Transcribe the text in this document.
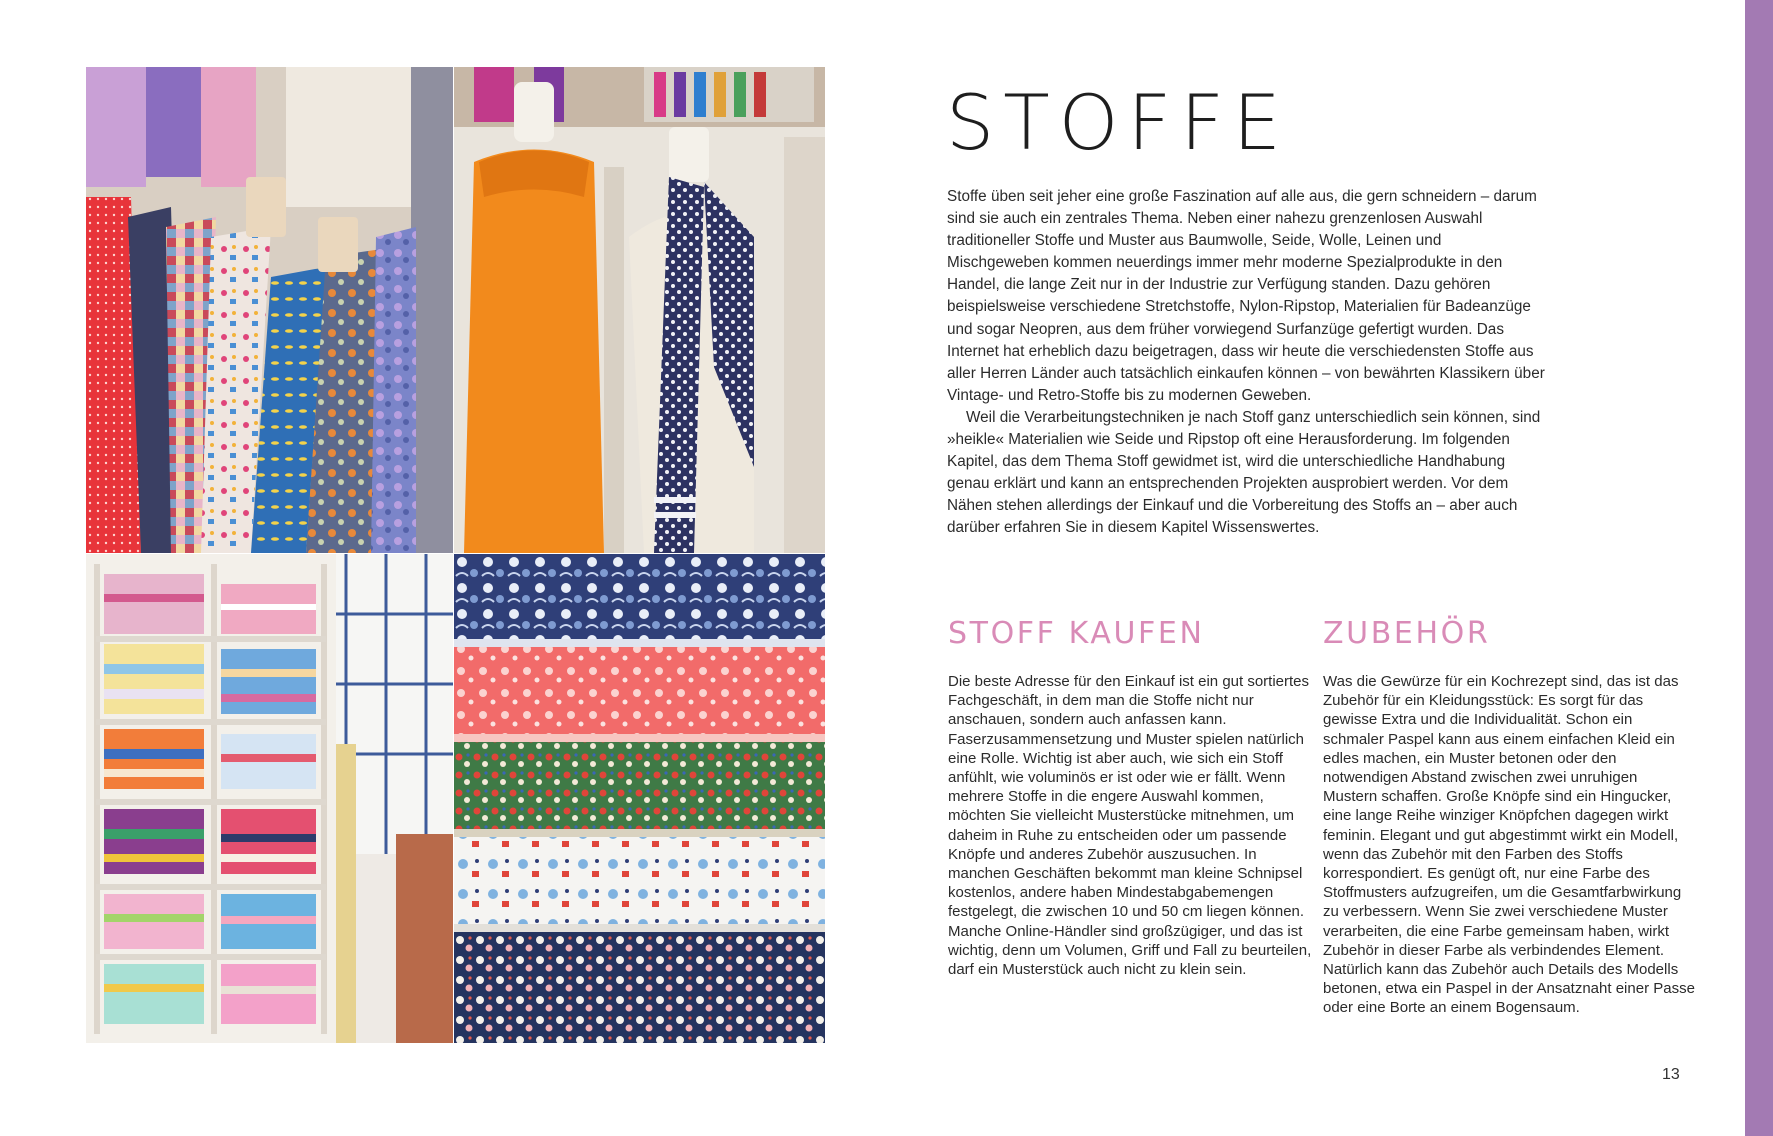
STOFFE

Stoffe üben seit jeher eine große Faszination auf alle aus, die gern schneidern – darum sind sie auch ein zentrales Thema. Neben einer nahezu grenzenlosen Auswahl traditioneller Stoffe und Muster aus Baumwolle, Seide, Wolle, Leinen und Mischgeweben kommen neuerdings immer mehr moderne Spezialprodukte in den Handel, die lange Zeit nur in der Industrie zur Verfügung standen. Dazu gehören beispielsweise verschiedene Stretchstoffe, Nylon-Ripstop, Materialien für Badeanzüge und sogar Neopren, aus dem früher vorwiegend Surfanzüge gefertigt wurden. Das Internet hat erheblich dazu beigetragen, dass wir heute die verschiedensten Stoffe aus aller Herren Länder auch tatsächlich einkaufen können – von bewährten Klassikern über Vintage- und Retro-Stoffe bis zu modernen Geweben.

Weil die Verarbeitungstechniken je nach Stoff ganz unterschiedlich sein können, sind »heikle« Materialien wie Seide und Ripstop oft eine Herausforderung. Im folgenden Kapitel, das dem Thema Stoff gewidmet ist, wird die unterschiedliche Handhabung genau erklärt und kann an entsprechenden Projekten ausprobiert werden. Vor dem Nähen stehen allerdings der Einkauf und die Vorbereitung des Stoffs an – aber auch darüber erfahren Sie in diesem Kapitel Wissenswertes.

STOFF KAUFEN

Die beste Adresse für den Einkauf ist ein gut sortiertes Fachgeschäft, in dem man die Stoffe nicht nur anschauen, sondern auch anfassen kann. Faserzusammensetzung und Muster spielen natürlich eine Rolle. Wichtig ist aber auch, wie sich ein Stoff anfühlt, wie voluminös er ist oder wie er fällt. Wenn mehrere Stoffe in die engere Auswahl kommen, möchten Sie vielleicht Musterstücke mitnehmen, um daheim in Ruhe zu entscheiden oder um passende Knöpfe und anderes Zubehör auszusuchen. In manchen Geschäften bekommt man kleine Schnipsel kostenlos, andere haben Mindestabgabemengen festgelegt, die zwischen 10 und 50 cm liegen können. Manche Online-Händler sind großzügiger, und das ist wichtig, denn um Volumen, Griff und Fall zu beurteilen, darf ein Musterstück auch nicht zu klein sein.

ZUBEHÖR

Was die Gewürze für ein Kochrezept sind, das ist das Zubehör für ein Kleidungsstück: Es sorgt für das gewisse Extra und die Individualität. Schon ein schmaler Paspel kann aus einem einfachen Kleid ein edles machen, ein Muster betonen oder den notwendigen Abstand zwischen zwei unruhigen Mustern schaffen. Große Knöpfe sind ein Hingucker, eine lange Reihe winziger Knöpfchen dagegen wirkt feminin. Elegant und gut abgestimmt wirkt ein Modell, wenn das Zubehör mit den Farben des Stoffs korrespondiert. Es genügt oft, nur eine Farbe des Stoffmusters aufzugreifen, um die Gesamtfarbwirkung zu verbessern. Wenn Sie zwei verschiedene Muster verarbeiten, die eine Farbe gemeinsam haben, wirkt Zubehör in dieser Farbe als verbindendes Element. Natürlich kann das Zubehör auch Details des Modells betonen, etwa ein Paspel in der Ansatznaht einer Passe oder eine Borte an einem Bogensaum.

13
